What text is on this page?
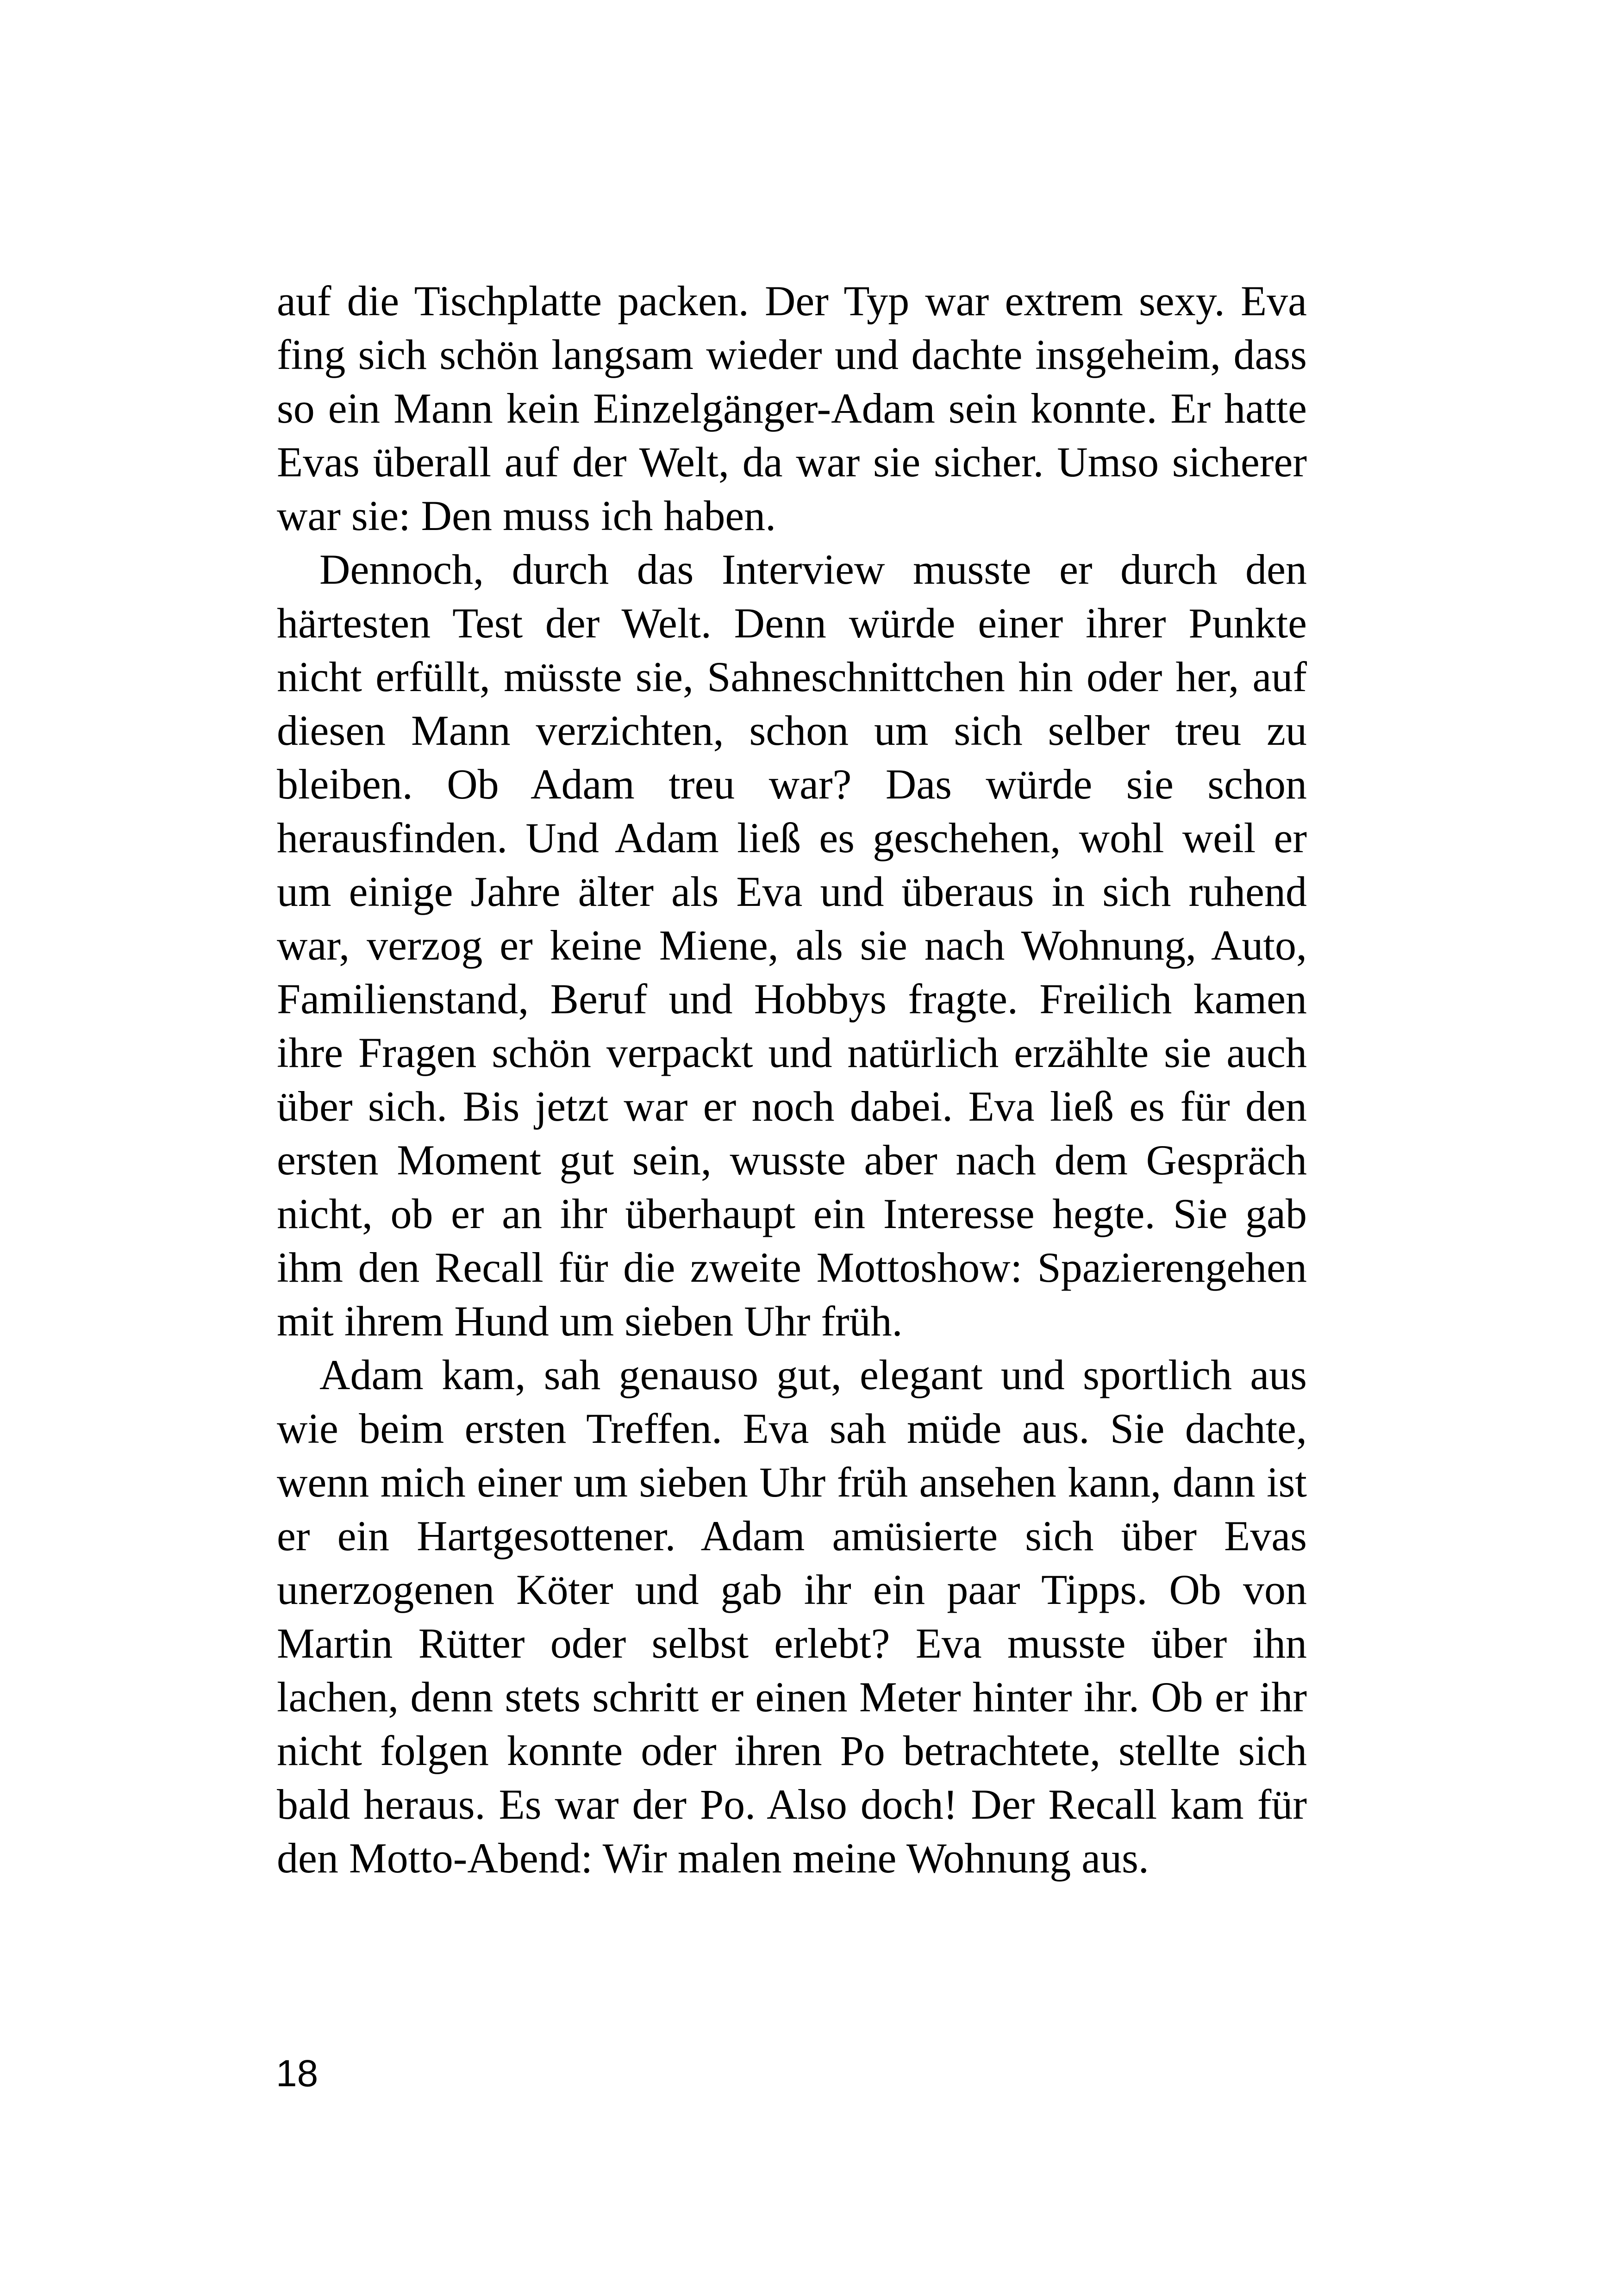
auf die Tischplatte packen. Der Typ war extrem sexy. Eva fing sich schön langsam wieder und dachte insgeheim, dass so ein Mann kein Einzelgänger-Adam sein konnte. Er hatte Evas überall auf der Welt, da war sie sicher. Umso sicherer war sie: Den muss ich haben.

Dennoch, durch das Interview musste er durch den härtesten Test der Welt. Denn würde einer ihrer Punkte nicht erfüllt, müsste sie, Sahneschnittchen hin oder her, auf diesen Mann verzichten, schon um sich selber treu zu bleiben. Ob Adam treu war? Das würde sie schon herausfinden. Und Adam ließ es geschehen, wohl weil er um einige Jahre älter als Eva und überaus in sich ruhend war, verzog er keine Miene, als sie nach Wohnung, Auto, Familienstand, Beruf und Hobbys fragte. Freilich kamen ihre Fragen schön verpackt und natürlich erzählte sie auch über sich. Bis jetzt war er noch dabei. Eva ließ es für den ersten Moment gut sein, wusste aber nach dem Gespräch nicht, ob er an ihr überhaupt ein Interesse hegte. Sie gab ihm den Recall für die zweite Mottoshow: Spazierengehen mit ihrem Hund um sieben Uhr früh.

Adam kam, sah genauso gut, elegant und sportlich aus wie beim ersten Treffen. Eva sah müde aus. Sie dachte, wenn mich einer um sieben Uhr früh ansehen kann, dann ist er ein Hartgesottener. Adam amüsierte sich über Evas unerzogenen Köter und gab ihr ein paar Tipps. Ob von Martin Rütter oder selbst erlebt? Eva musste über ihn lachen, denn stets schritt er einen Meter hinter ihr. Ob er ihr nicht folgen konnte oder ihren Po betrachtete, stellte sich bald heraus. Es war der Po. Also doch! Der Recall kam für den Motto-Abend: Wir malen meine Wohnung aus.

18
